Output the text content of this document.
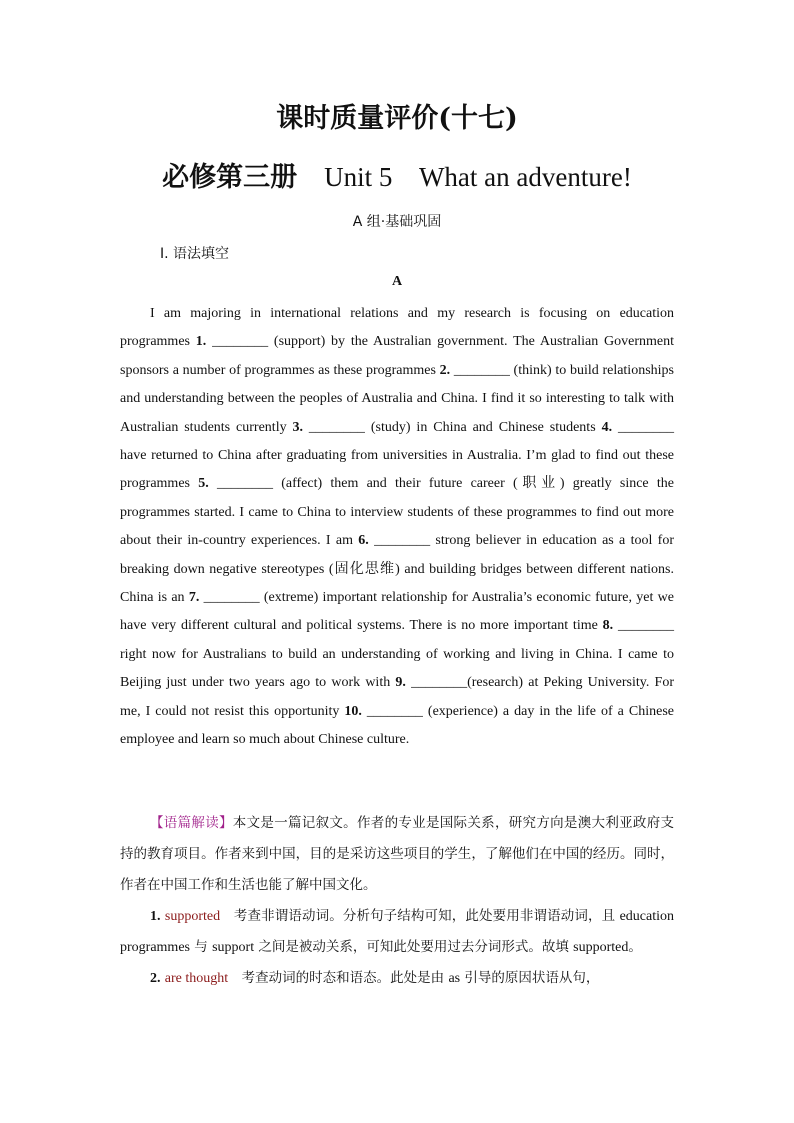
课时质量评价(十七)
必修第三册 Unit 5 What an adventure!
A 组·基础巩固
Ⅰ. 语法填空
A

I am majoring in international relations and my research is focusing on education programmes 1. ________ (support) by the Australian government. The Australian Government sponsors a number of programmes as these programmes 2. ________ (think) to build relationships and understanding between the peoples of Australia and China. I find it so interesting to talk with Australian students currently 3. ________ (study) in China and Chinese students 4. ________ have returned to China after graduating from universities in Australia. I’m glad to find out these programmes 5. ________ (affect) them and their future career (职业) greatly since the programmes started. I came to China to interview students of these programmes to find out more about their in-country experiences. I am 6. ________ strong believer in education as a tool for breaking down negative stereotypes (固化思维) and building bridges between different nations. China is an 7. ________ (extreme) important relationship for Australia’s economic future, yet we have very different cultural and political systems. There is no more important time 8. ________ right now for Australians to build an understanding of working and living in China. I came to Beijing just under two years ago to work with 9. ________(research) at Peking University. For me, I could not resist this opportunity 10. ________ (experience) a day in the life of a Chinese employee and learn so much about Chinese culture.

【语篇解读】本文是一篇记叙文。作者的专业是国际关系，研究方向是澳大利亚政府支持的教育项目。作者来到中国，目的是采访这些项目的学生，了解他们在中国的经历。同时，作者在中国工作和生活也能了解中国文化。

1. supported　 考查非谓语动词。分析句子结构可知，此处要用非谓语动词，且 education programmes 与 support 之间是被动关系，可知此处要用过去分词形式。故填 supported。

2. are thought　 考查动词的时态和语态。此处是由 as 引导的原因状语从句，
